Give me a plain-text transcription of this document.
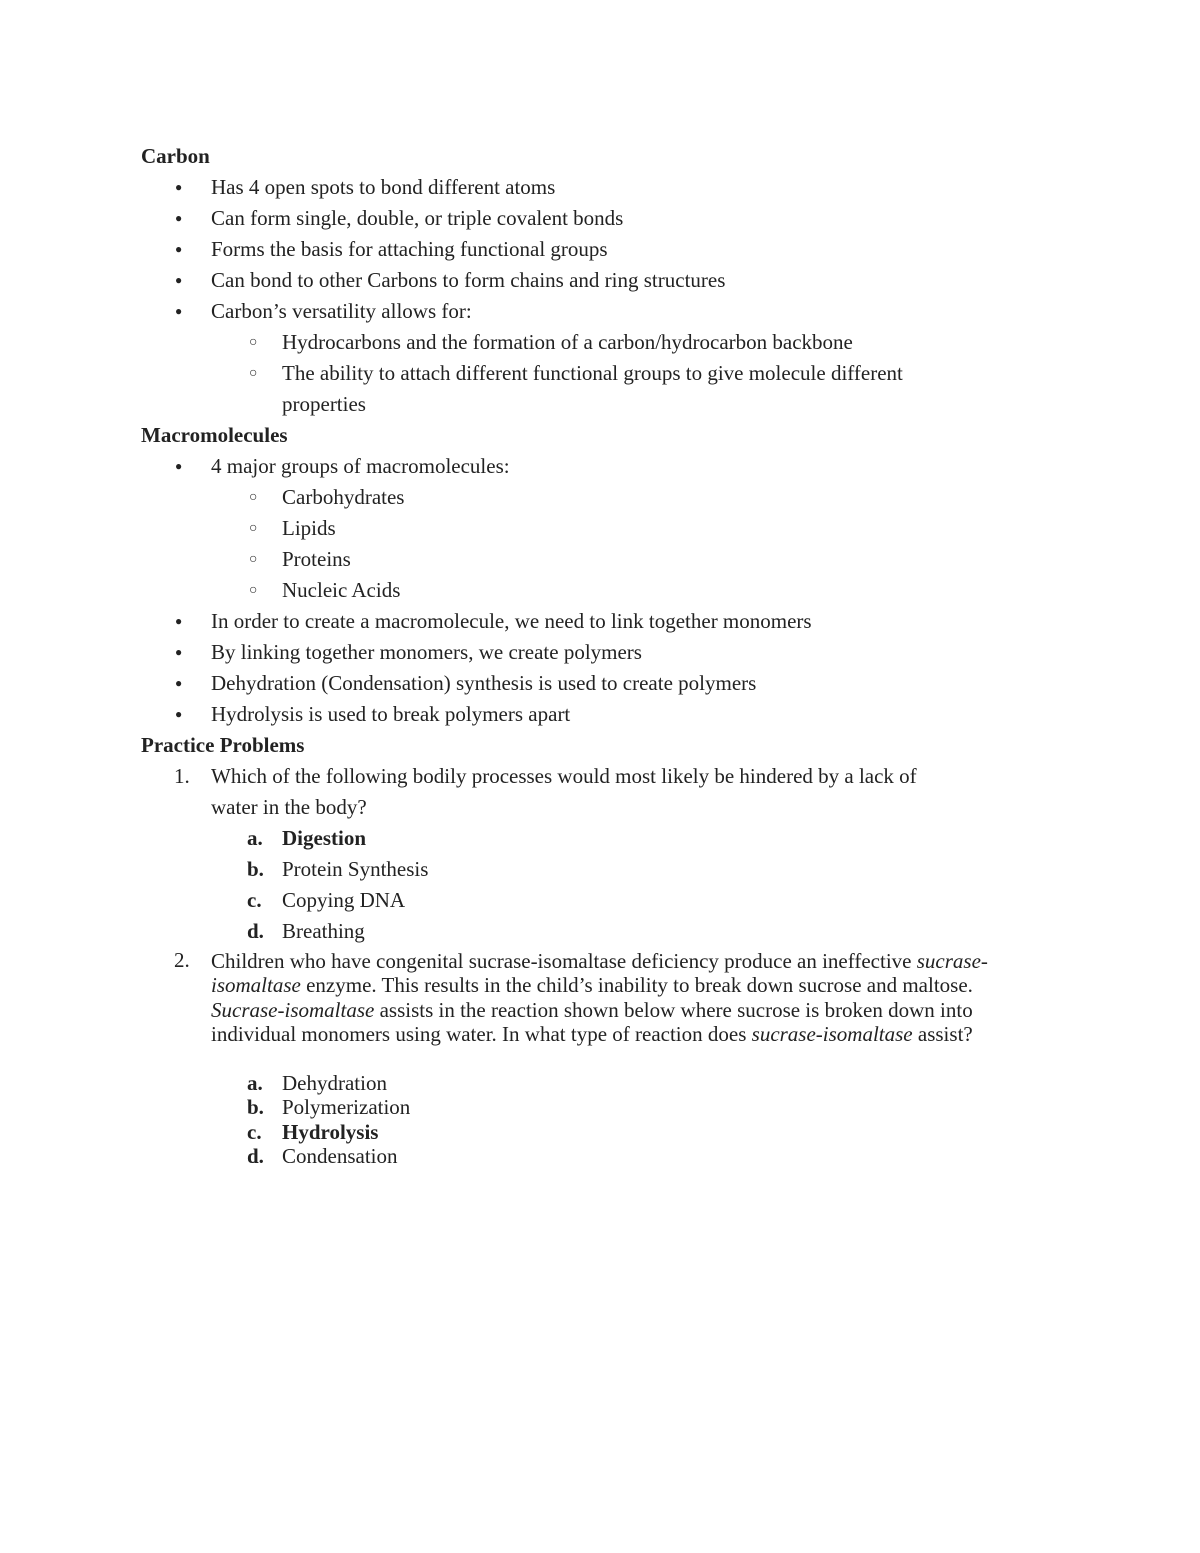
Carbon
● Has 4 open spots to bond different atoms
● Can form single, double, or triple covalent bonds
● Forms the basis for attaching functional groups
● Can bond to other Carbons to form chains and ring structures
● Carbon’s versatility allows for:
○ Hydrocarbons and the formation of a carbon/hydrocarbon backbone
○ The ability to attach different functional groups to give molecule different
properties
Macromolecules
● 4 major groups of macromolecules:
○ Carbohydrates
○ Lipids
○ Proteins
○ Nucleic Acids
● In order to create a macromolecule, we need to link together monomers
● By linking together monomers, we create polymers
● Dehydration (Condensation) synthesis is used to create polymers
● Hydrolysis is used to break polymers apart
Practice Problems
1. Which of the following bodily processes would most likely be hindered by a lack of
water in the body?
a. Digestion
b. Protein Synthesis
c. Copying DNA
d. Breathing
2. Children who have congenital sucrase-isomaltase deficiency produce an ineffective sucrase-isomaltase enzyme. This results in the child’s inability to break down sucrose and maltose. Sucrase-isomaltase assists in the reaction shown below where sucrose is broken down into individual monomers using water. In what type of reaction does sucrase-isomaltase assist?
a. Dehydration
b. Polymerization
c. Hydrolysis
d. Condensation
